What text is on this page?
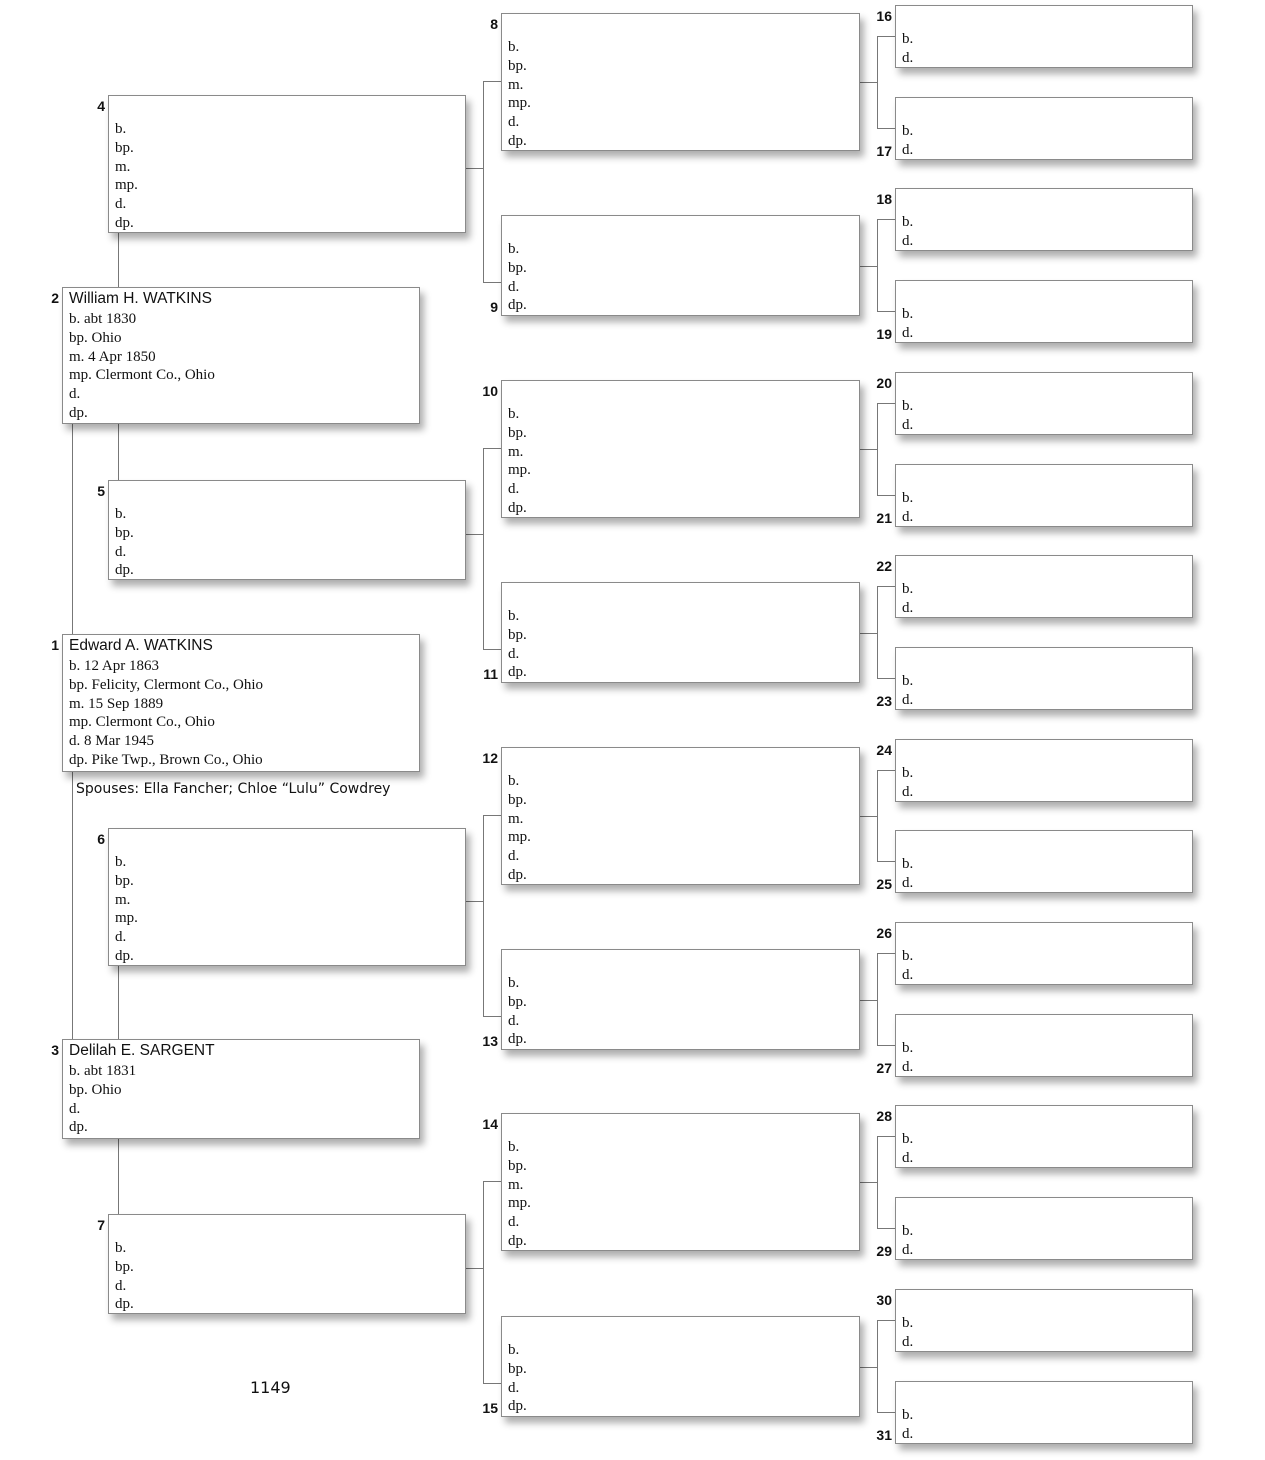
Edward A. WATKINS
b. 12 Apr 1863
bp. Felicity, Clermont Co., Ohio
m. 15 Sep 1889
mp. Clermont Co., Ohio
d. 8 Mar 1945
dp. Pike Twp., Brown Co., Ohio
1
William H. WATKINS
b. abt 1830
bp. Ohio
m. 4 Apr 1850
mp. Clermont Co., Ohio
d.
dp.
2
Delilah E. SARGENT
b. abt 1831
bp. Ohio
d.
dp.
3
b.
bp.
m.
mp.
d.
dp.
4
b.
bp.
d.
dp.
5
b.
bp.
m.
mp.
d.
dp.
6
b.
bp.
d.
dp.
7
b.
bp.
m.
mp.
d.
dp.
8
b.
bp.
d.
dp.
9
b.
bp.
m.
mp.
d.
dp.
10
b.
bp.
d.
dp.
11
b.
bp.
m.
mp.
d.
dp.
12
b.
bp.
d.
dp.
13
b.
bp.
m.
mp.
d.
dp.
14
b.
bp.
d.
dp.
15
b.
d.
16
b.
d.
17
b.
d.
18
b.
d.
19
b.
d.
20
b.
d.
21
b.
d.
22
b.
d.
23
b.
d.
24
b.
d.
25
b.
d.
26
b.
d.
27
b.
d.
28
b.
d.
29
b.
d.
30
b.
d.
31
Spouses: Ella Fancher; Chloe “Lulu” Cowdrey
1149
